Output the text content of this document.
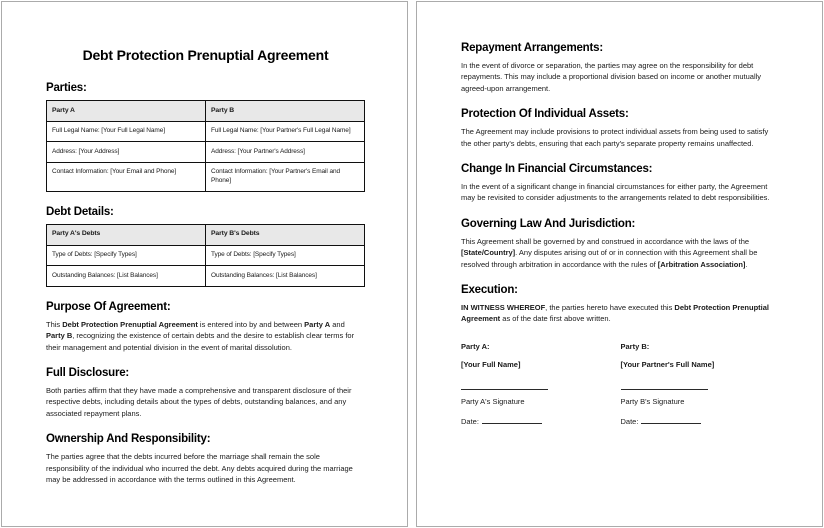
Debt Protection Prenuptial Agreement
Parties:
Party A	Party B
Full Legal Name: [Your Full Legal Name]	Full Legal Name: [Your Partner's Full Legal Name]
Address: [Your Address]	Address: [Your Partner's Address]
Contact Information: [Your Email and Phone]	Contact Information: [Your Partner's Email and Phone]
Debt Details:
Party A's Debts	Party B's Debts
Type of Debts: [Specify Types]	Type of Debts: [Specify Types]
Outstanding Balances: [List Balances]	Outstanding Balances: [List Balances]
Purpose Of Agreement:

This Debt Protection Prenuptial Agreement is entered into by and between Party A and Party B, recognizing the existence of certain debts and the desire to establish clear terms for their management and potential division in the event of marital dissolution.

Full Disclosure:

Both parties affirm that they have made a comprehensive and transparent disclosure of their respective debts, including details about the types of debts, outstanding balances, and any associated repayment plans.

Ownership And Responsibility:

The parties agree that the debts incurred before the marriage shall remain the sole responsibility of the individual who incurred the debt. Any debts acquired during the marriage may be addressed in accordance with the terms outlined in this Agreement.

Repayment Arrangements:

In the event of divorce or separation, the parties may agree on the responsibility for debt repayments. This may include a proportional division based on income or another mutually agreed-upon arrangement.

Protection Of Individual Assets:

The Agreement may include provisions to protect individual assets from being used to satisfy the other party's debts, ensuring that each party's separate property remains unaffected.

Change In Financial Circumstances:

In the event of a significant change in financial circumstances for either party, the Agreement may be revisited to consider adjustments to the arrangements related to debt responsibilities.

Governing Law And Jurisdiction:

This Agreement shall be governed by and construed in accordance with the laws of the [State/Country]. Any disputes arising out of or in connection with this Agreement shall be resolved through arbitration in accordance with the rules of [Arbitration Association].

Execution:

IN WITNESS WHEREOF, the parties hereto have executed this Debt Protection Prenuptial Agreement as of the date first above written.

Party A:

[Your Full Name]

Party A's Signature

Date:

Party B:

[Your Partner's Full Name]

Party B's Signature

Date:
